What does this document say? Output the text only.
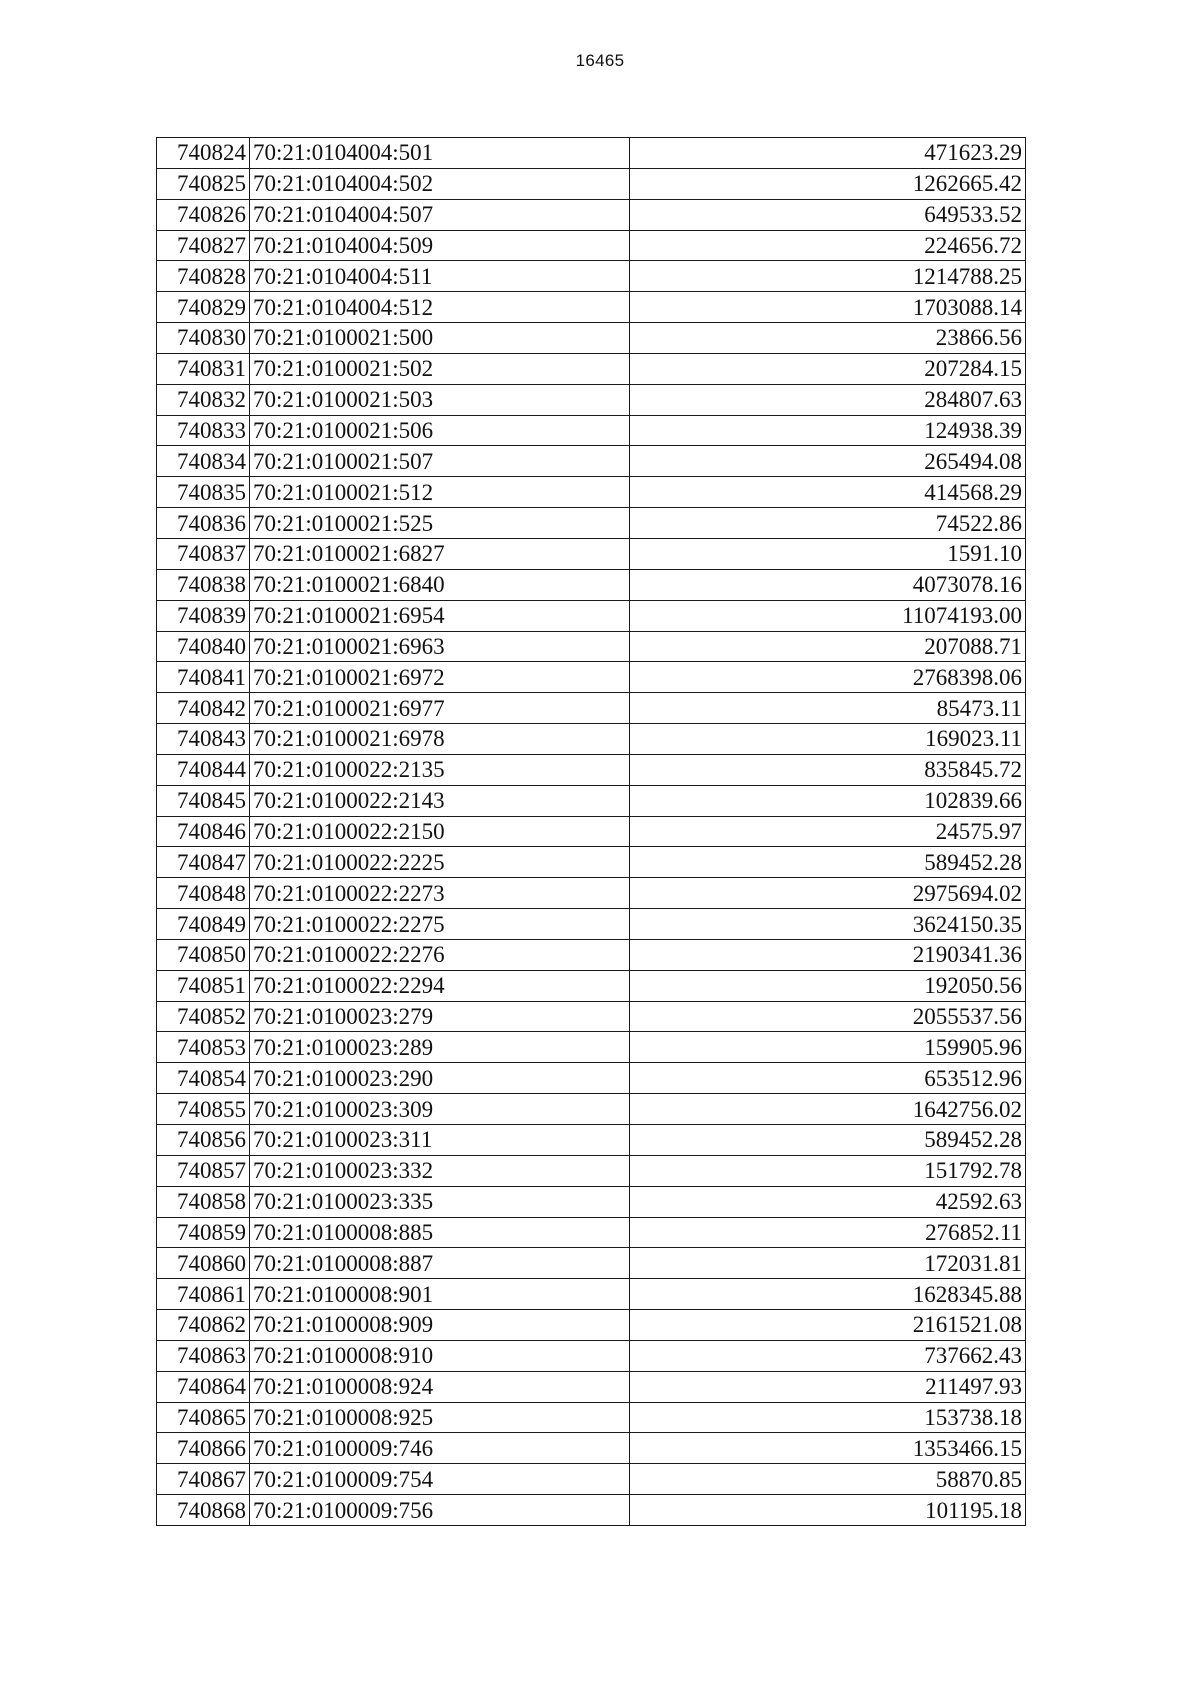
16465
740824	70:21:0104004:501	471623.29
740825	70:21:0104004:502	1262665.42
740826	70:21:0104004:507	649533.52
740827	70:21:0104004:509	224656.72
740828	70:21:0104004:511	1214788.25
740829	70:21:0104004:512	1703088.14
740830	70:21:0100021:500	23866.56
740831	70:21:0100021:502	207284.15
740832	70:21:0100021:503	284807.63
740833	70:21:0100021:506	124938.39
740834	70:21:0100021:507	265494.08
740835	70:21:0100021:512	414568.29
740836	70:21:0100021:525	74522.86
740837	70:21:0100021:6827	1591.10
740838	70:21:0100021:6840	4073078.16
740839	70:21:0100021:6954	11074193.00
740840	70:21:0100021:6963	207088.71
740841	70:21:0100021:6972	2768398.06
740842	70:21:0100021:6977	85473.11
740843	70:21:0100021:6978	169023.11
740844	70:21:0100022:2135	835845.72
740845	70:21:0100022:2143	102839.66
740846	70:21:0100022:2150	24575.97
740847	70:21:0100022:2225	589452.28
740848	70:21:0100022:2273	2975694.02
740849	70:21:0100022:2275	3624150.35
740850	70:21:0100022:2276	2190341.36
740851	70:21:0100022:2294	192050.56
740852	70:21:0100023:279	2055537.56
740853	70:21:0100023:289	159905.96
740854	70:21:0100023:290	653512.96
740855	70:21:0100023:309	1642756.02
740856	70:21:0100023:311	589452.28
740857	70:21:0100023:332	151792.78
740858	70:21:0100023:335	42592.63
740859	70:21:0100008:885	276852.11
740860	70:21:0100008:887	172031.81
740861	70:21:0100008:901	1628345.88
740862	70:21:0100008:909	2161521.08
740863	70:21:0100008:910	737662.43
740864	70:21:0100008:924	211497.93
740865	70:21:0100008:925	153738.18
740866	70:21:0100009:746	1353466.15
740867	70:21:0100009:754	58870.85
740868	70:21:0100009:756	101195.18
